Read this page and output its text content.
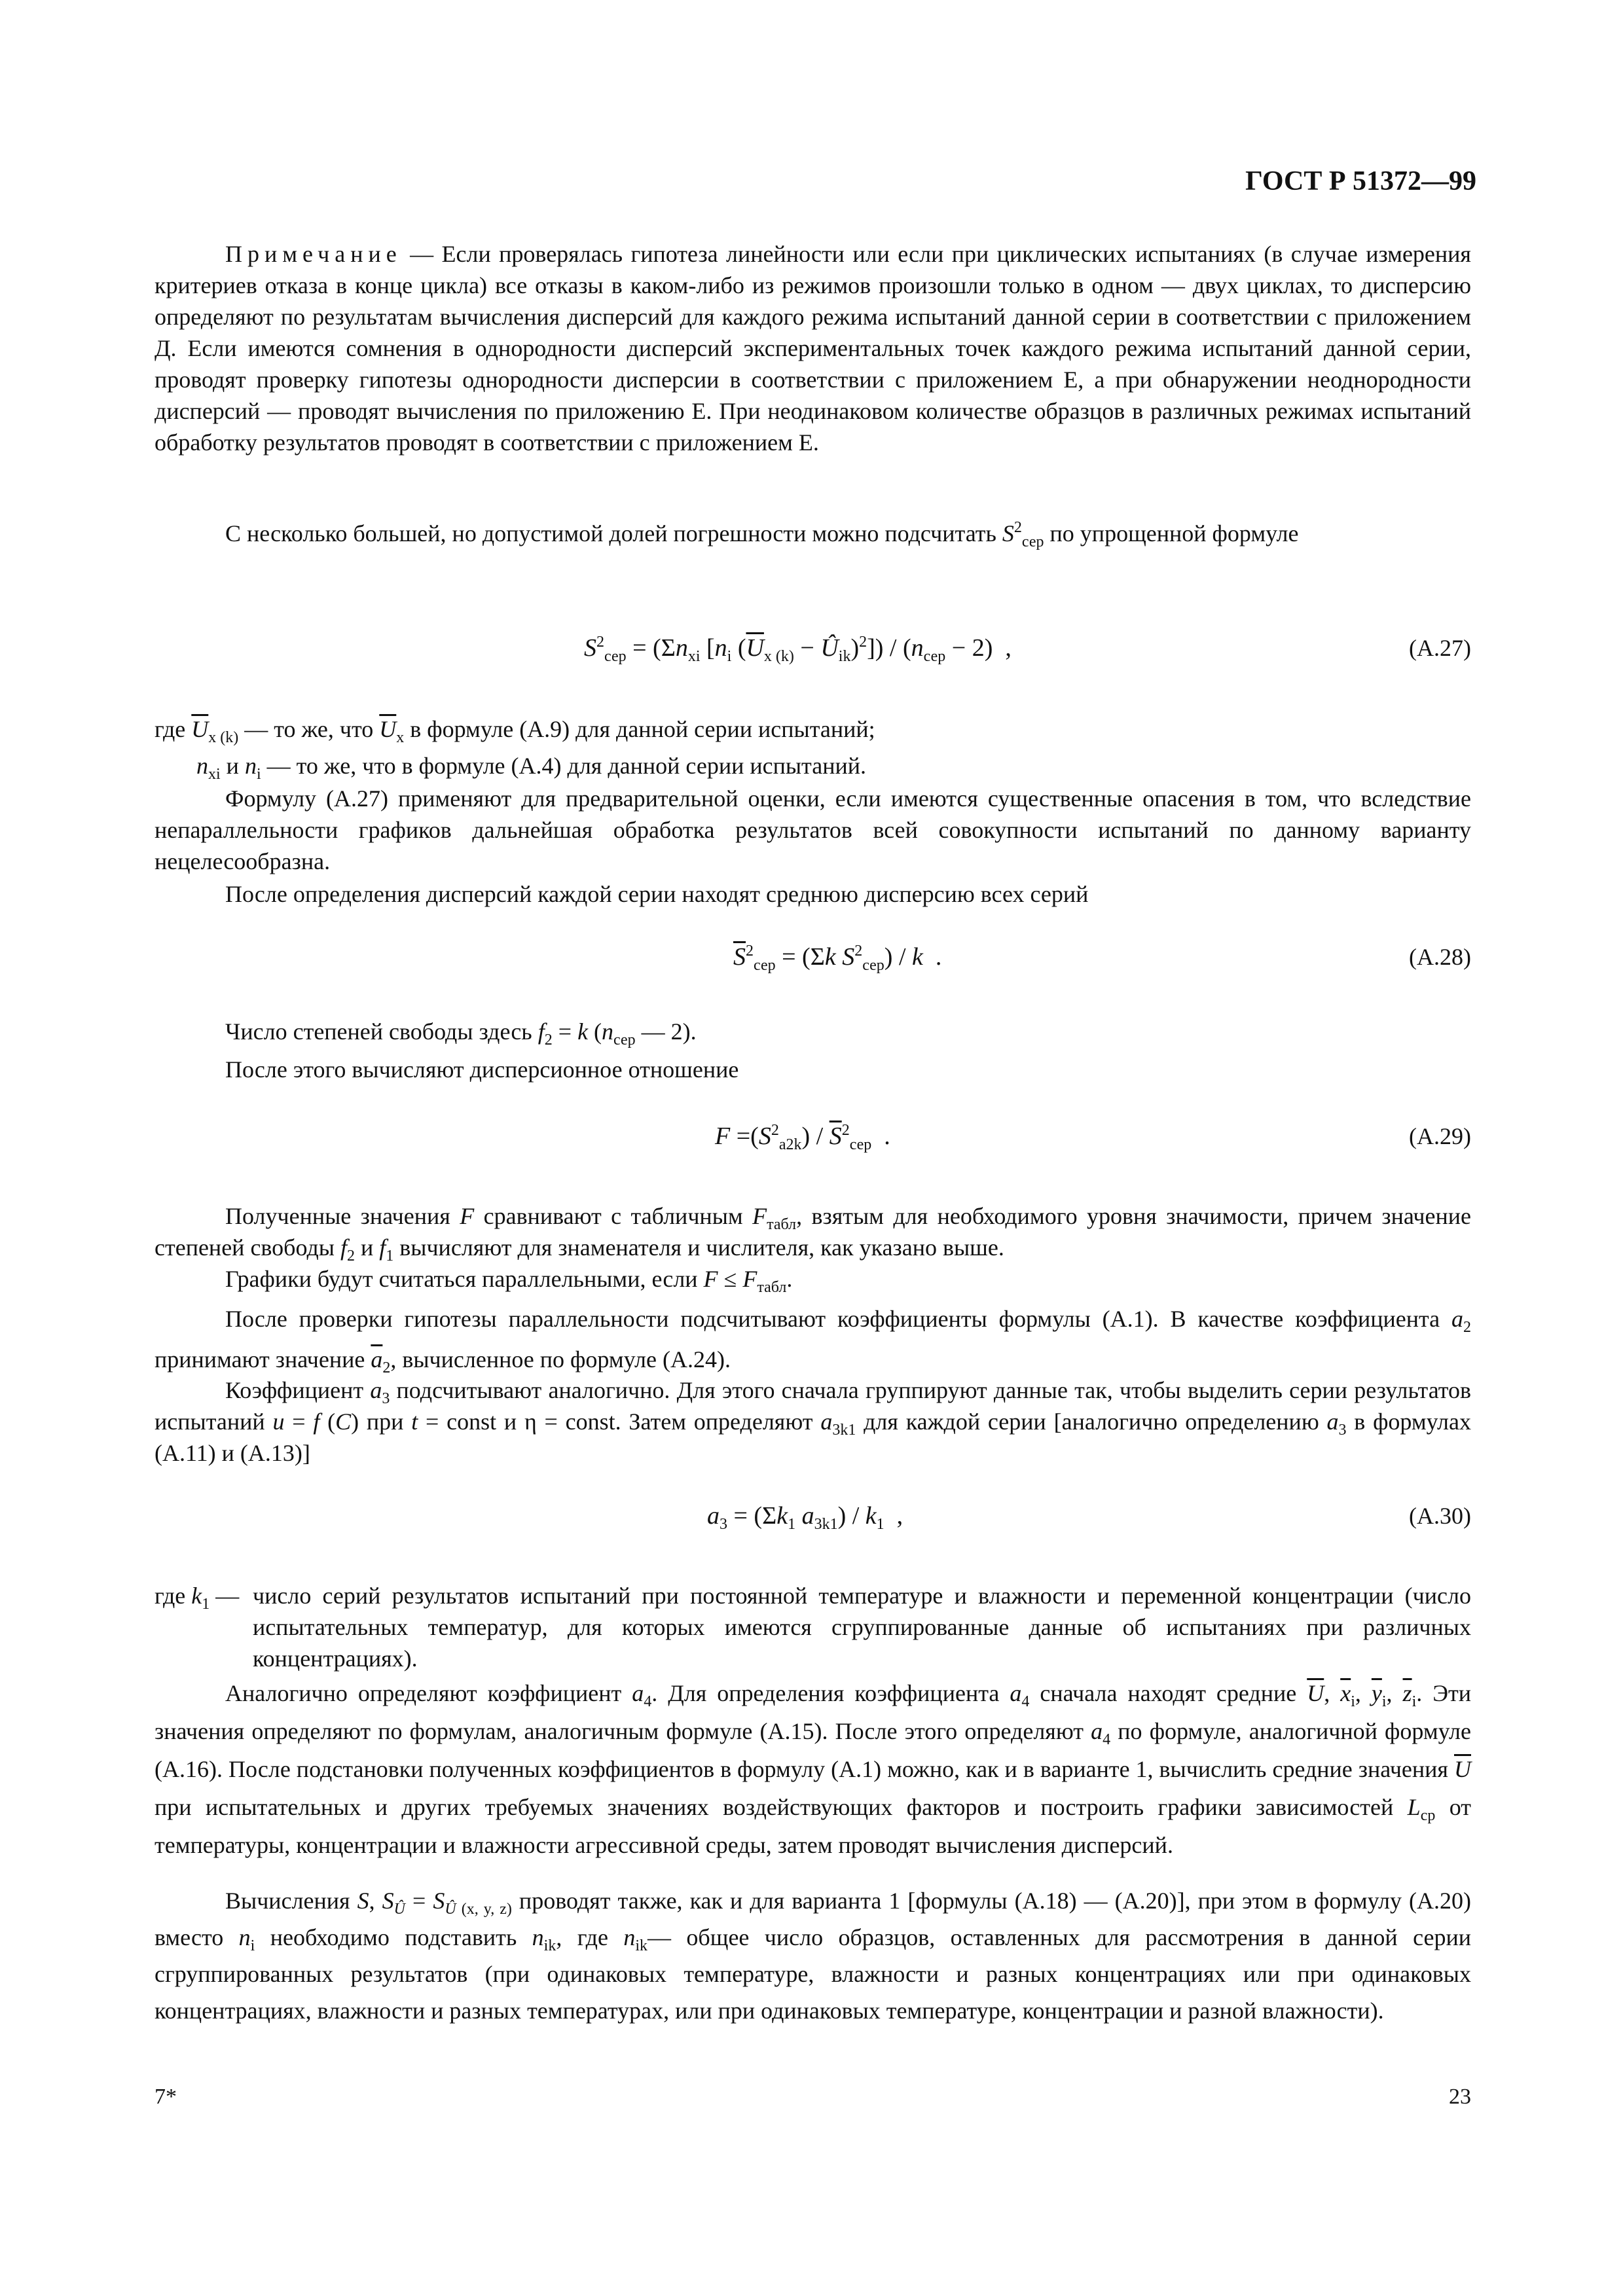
ГОСТ Р 51372—99
Примечание — Если проверялась гипотеза линейности или если при циклических испытаниях (в случае измерения критериев отказа в конце цикла) все отказы в каком-либо из режимов произошли только в одном — двух циклах, то дисперсию определяют по результатам вычисления дисперсий для каждого режима испытаний данной серии в соответствии с приложением Д. Если имеются сомнения в однородности дисперсий экспериментальных точек каждого режима испытаний данной серии, проводят проверку гипотезы однородности дисперсии в соответствии с приложением Е, а при обнаружении неоднородности дисперсий — проводят вычисления по приложению Е. При неодинаковом количестве образцов в различных режимах испытаний обработку результатов проводят в соответствии с приложением Е.
С несколько большей, но допустимой долей погрешности можно подсчитать $S^2_{сер}$ по упрощенной формуле
$S^2_{сер} = (\Sigma n_{xi}$ [$n_i$ ($\overline{U}_{x (k)}$ − $Û_{ik})^2]) / (n_{сер} - 2)$  ,	(А.27)
где $\overline{U}_{x (k)}$ — то же, что $\overline{U}_x$ в формуле (А.9) для данной серии испытаний;
$n_{xi}$ и $n_i$ — то же, что в формуле (А.4) для данной серии испытаний.
Формулу (А.27) применяют для предварительной оценки, если имеются существенные опасения в том, что вследствие непараллельности графиков дальнейшая обработка результатов всей совокупности испытаний по данному варианту нецелесообразна.
После определения дисперсий каждой серии находят среднюю дисперсию всех серий
$\overline{S}^2_{сер} = (\Sigma k$ $S^2_{сер}$) / k  .	(А.28)
Число степеней свободы здесь $f_2 = k$ ($n_{сер}$ — 2).
После этого вычисляют дисперсионное отношение
$F =(S^2_{a2k}) / \overline{S}^2_{сер}$  .	(А.29)
Полученные значения F сравнивают с табличным $F_{табл}$, взятым для необходимого уровня значимости, причем значение степеней свободы $f_2$ и $f_1$ вычисляют для знаменателя и числителя, как указано выше.
Графики будут считаться параллельными, если $F \le F_{табл}$.
После проверки гипотезы параллельности подсчитывают коэффициенты формулы (А.1). В качестве коэффициента $a_2$ принимают значение $\overline{a}_2$, вычисленное по формуле (А.24).
Коэффициент $a_3$ подсчитывают аналогично. Для этого сначала группируют данные так, чтобы выделить серии результатов испытаний u = f (C) при t = const и η = const. Затем определяют $a_{3k1}$ для каждой серии [аналогично определению $a_3$ в формулах (А.11) и (А.13)]
$a_3 = (\Sigma k_1$ $a_{3k1}) / k_1$  ,	(А.30)
где $k_1$ — число серий результатов испытаний при постоянной температуре и влажности и переменной концентрации (число испытательных температур, для которых имеются сгруппированные данные об испытаниях при различных концентрациях).
Аналогично определяют коэффициент $a_4$. Для определения коэффициента $a_4$ сначала находят средние $\overline{U}$, $\overline{x}_i$, $\overline{y}_i$, $\overline{z}_i$. Эти значения определяют по формулам, аналогичным формуле (А.15). После этого определяют $a_4$ по формуле, аналогичной формуле (А.16). После подстановки полученных коэффициентов в формулу (А.1) можно, как и в варианте 1, вычислить средние значения $\overline{U}$ при испытательных и других требуемых значениях воздействующих факторов и построить графики зависимостей $L_{ср}$ от температуры, концентрации и влажности агрессивной среды, затем проводят вычисления дисперсий.
Вычисления S, $S_Û = S_{Û (x, y, z)}$ проводят также, как и для варианта 1 [формулы (А.18) — (А.20)], при этом в формулу (А.20) вместо $n_i$ необходимо подставить $n_{ik}$, где $n_{ik}—$ общее число образцов, оставленных для рассмотрения в данной серии сгруппированных результатов (при одинаковых температуре, влажности и разных концентрациях или при одинаковых концентрациях, влажности и разных температурах, или при одинаковых температуре, концентрации и разной влажности).
7*	23
